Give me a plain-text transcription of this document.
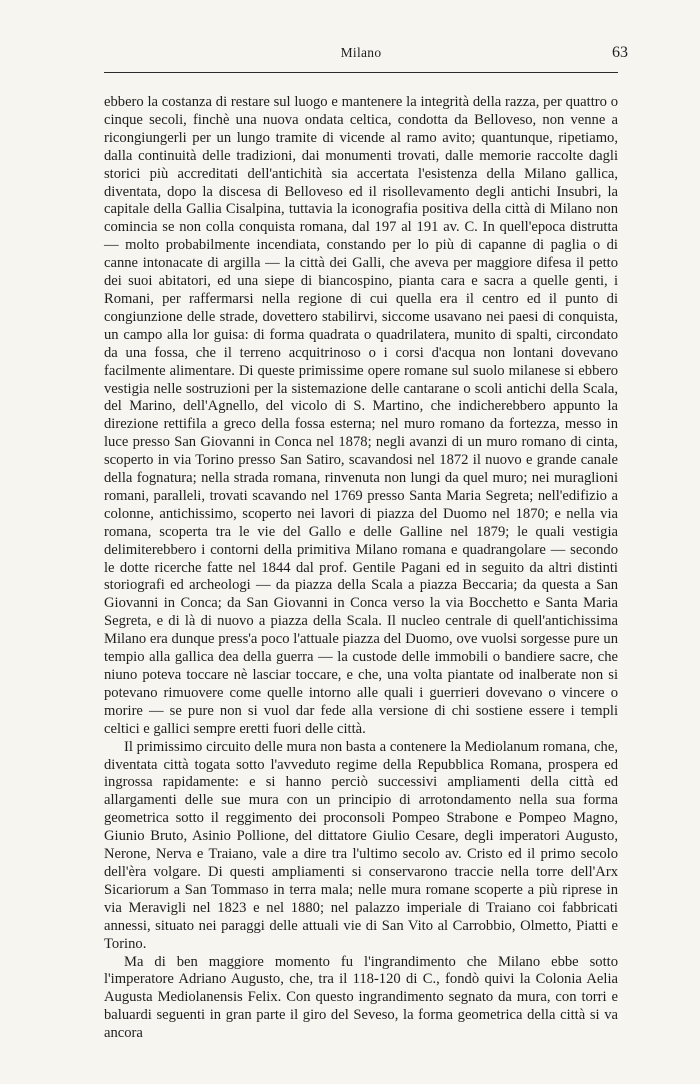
Milano	63

ebbero la costanza di restare sul luogo e mantenere la integrità della razza, per quattro o cinque secoli, finchè una nuova ondata celtica, condotta da Belloveso, non venne a ricongiungerli per un lungo tramite di vicende al ramo avito; quantunque, ripetiamo, dalla continuità delle tradizioni, dai monumenti trovati, dalle memorie raccolte dagli storici più accreditati dell'antichità sia accertata l'esistenza della Milano gallica, diventata, dopo la discesa di Belloveso ed il risollevamento degli antichi Insubri, la capitale della Gallia Cisalpina, tuttavia la iconografia positiva della città di Milano non comincia se non colla conquista romana, dal 197 al 191 av. C. In quell'epoca distrutta — molto probabilmente incendiata, constando per lo più di capanne di paglia o di canne intonacate di argilla — la città dei Galli, che aveva per maggiore difesa il petto dei suoi abitatori, ed una siepe di biancospino, pianta cara e sacra a quelle genti, i Romani, per raffermarsi nella regione di cui quella era il centro ed il punto di congiunzione delle strade, dovettero stabilirvi, siccome usavano nei paesi di conquista, un campo alla lor guisa: di forma quadrata o quadrilatera, munito di spalti, circondato da una fossa, che il terreno acquitrinoso o i corsi d'acqua non lontani dovevano facilmente alimentare. Di queste primissime opere romane sul suolo milanese si ebbero vestigia nelle sostruzioni per la sistemazione delle cantarane o scoli antichi della Scala, del Marino, dell'Agnello, del vicolo di S. Martino, che indicherebbero appunto la direzione rettifila a greco della fossa esterna; nel muro romano da fortezza, messo in luce presso San Giovanni in Conca nel 1878; negli avanzi di un muro romano di cinta, scoperto in via Torino presso San Satiro, scavandosi nel 1872 il nuovo e grande canale della fognatura; nella strada romana, rinvenuta non lungi da quel muro; nei muraglioni romani, paralleli, trovati scavando nel 1769 presso Santa Maria Segreta; nell'edifizio a colonne, antichissimo, scoperto nei lavori di piazza del Duomo nel 1870; e nella via romana, scoperta tra le vie del Gallo e delle Galline nel 1879; le quali vestigia delimiterebbero i contorni della primitiva Milano romana e quadrangolare — secondo le dotte ricerche fatte nel 1844 dal prof. Gentile Pagani ed in seguito da altri distinti storiografi ed archeologi — da piazza della Scala a piazza Beccaria; da questa a San Giovanni in Conca; da San Giovanni in Conca verso la via Bocchetto e Santa Maria Segreta, e di là di nuovo a piazza della Scala. Il nucleo centrale di quell'antichissima Milano era dunque press'a poco l'attuale piazza del Duomo, ove vuolsi sorgesse pure un tempio alla gallica dea della guerra — la custode delle immobili o bandiere sacre, che niuno poteva toccare nè lasciar toccare, e che, una volta piantate od inalberate non si potevano rimuovere come quelle intorno alle quali i guerrieri dovevano o vincere o morire — se pure non si vuol dar fede alla versione di chi sostiene essere i templi celtici e gallici sempre eretti fuori delle città.

Il primissimo circuito delle mura non basta a contenere la Mediolanum romana, che, diventata città togata sotto l'avveduto regime della Repubblica Romana, prospera ed ingrossa rapidamente: e si hanno perciò successivi ampliamenti della città ed allargamenti delle sue mura con un principio di arrotondamento nella sua forma geometrica sotto il reggimento dei proconsoli Pompeo Strabone e Pompeo Magno, Giunio Bruto, Asinio Pollione, del dittatore Giulio Cesare, degli imperatori Augusto, Nerone, Nerva e Traiano, vale a dire tra l'ultimo secolo av. Cristo ed il primo secolo dell'èra volgare. Di questi ampliamenti si conservarono traccie nella torre dell'Arx Sicariorum a San Tommaso in terra mala; nelle mura romane scoperte a più riprese in via Meravigli nel 1823 e nel 1880; nel palazzo imperiale di Traiano coi fabbricati annessi, situato nei paraggi delle attuali vie di San Vito al Carrobbio, Olmetto, Piatti e Torino.

Ma di ben maggiore momento fu l'ingrandimento che Milano ebbe sotto l'imperatore Adriano Augusto, che, tra il 118-120 di C., fondò quivi la Colonia Aelia Augusta Mediolanensis Felix. Con questo ingrandimento segnato da mura, con torri e baluardi seguenti in gran parte il giro del Seveso, la forma geometrica della città si va ancora
